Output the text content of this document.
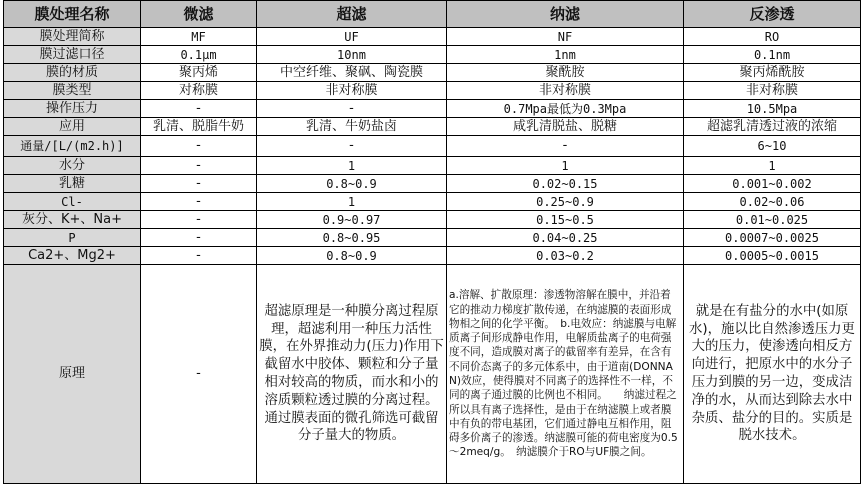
膜处理名称	微滤	超滤	纳滤	反渗透
膜处理简称	MF	UF	NF	RO
膜过滤口径	0.1μm	10nm	1nm	0.1nm
膜的材质	聚丙烯	中空纤维、聚砜、陶瓷膜	聚酰胺	聚丙烯酰胺
膜类型	对称膜	非对称膜	非对称膜	非对称膜
操作压力	-	-	0.7Mpa最低为0.3Mpa	10.5Mpa
应用	乳清、脱脂牛奶	乳清、牛奶盐卤	咸乳清脱盐、脱糖	超滤乳清透过液的浓缩
通量/[L/(m2.h)]	-	-	-	6~10
水分	-	1	1	1
乳糖	-	0.8~0.9	0.02~0.15	0.001~0.002
Cl-	-	1	0.25~0.9	0.02~0.06
灰分、K+、Na+	-	0.9~0.97	0.15~0.5	0.01~0.025
P	-	0.8~0.95	0.04~0.25	0.0007~0.0025
Ca2+、Mg2+	-	0.8~0.9	0.03~0.2	0.0005~0.0015
原理	-	超滤原理是一种膜分离过程原理，超滤利用一种压力活性膜，在外界推动力(压力)作用下截留水中胶体、颗粒和分子量相对较高的物质，而水和小的溶质颗粒透过膜的分离过程。通过膜表面的微孔筛选可截留分子量大的物质。	a.溶解、扩散原理：渗透物溶解在膜中，并沿着它的推动力梯度扩散传递，在纳滤膜的表面形成物相之间的化学平衡。　b.电效应：纳滤膜与电解质离子间形成静电作用，电解质盐离子的电荷强度不同，造成膜对离子的截留率有差异，在含有不同价态离子的多元体系中，由于道南(DONNAN)效应，使得膜对不同离子的选择性不一样，不同的离子通过膜的比例也不相同。　　纳滤过程之所以具有离子选择性，是由于在纳滤膜上或者膜中有负的带电基团，它们通过静电互相作用，阻碍多价离子的渗透。纳滤膜可能的荷电密度为0.5～2meq/g。　纳滤膜介于RO与UF膜之间。	就是在有盐分的水中(如原水)，施以比自然渗透压力更大的压力，使渗透向相反方向进行，把原水中的水分子压力到膜的另一边，变成洁净的水，从而达到除去水中杂质、盐分的目的。实质是脱水技术。
